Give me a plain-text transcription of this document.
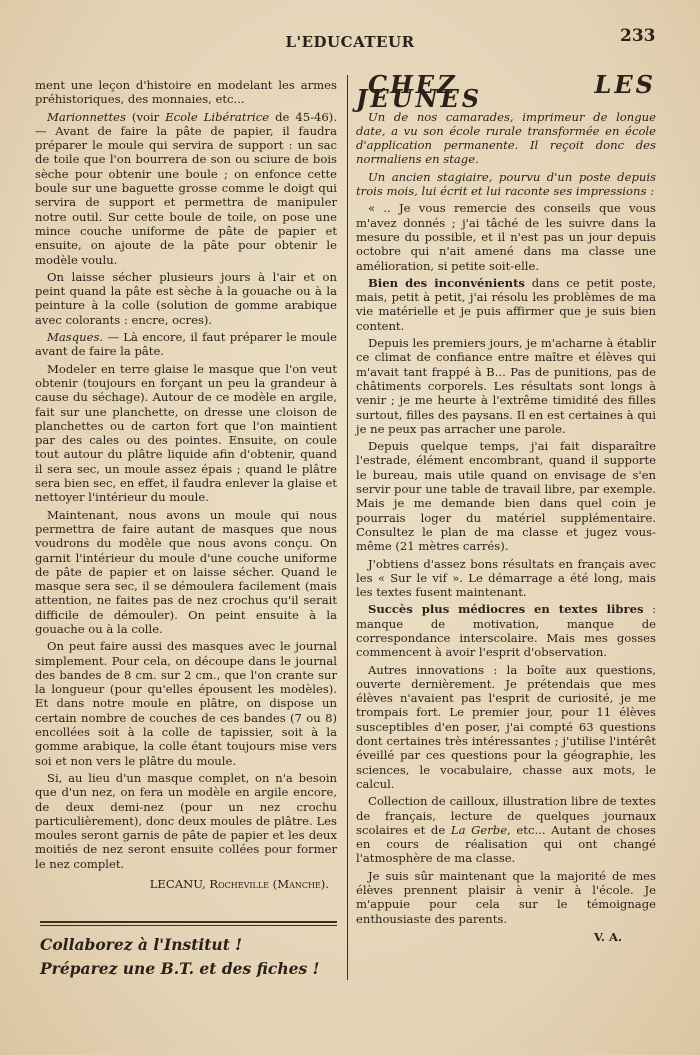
L'EDUCATEUR	233

ment une leçon d'histoire en modelant les armes préhistoriques, des monnaies, etc...

Marionnettes (voir Ecole Libératrice de 45-46). — Avant de faire la pâte de papier, il faudra préparer le moule qui servira de support : un sac de toile que l'on bourrera de son ou sciure de bois sèche pour obtenir une boule ; on enfonce cette boule sur une baguette grosse comme le doigt qui servira de support et permettra de manipuler notre outil. Sur cette boule de toile, on pose une mince couche uniforme de pâte de papier et ensuite, on ajoute de la pâte pour obtenir le modèle voulu.

On laisse sécher plusieurs jours à l'air et on peint quand la pâte est sèche à la gouache ou à la peinture à la colle (solution de gomme arabique avec colorants : encre, ocres).

Masques. — Là encore, il faut préparer le moule avant de faire la pâte.

Modeler en terre glaise le masque que l'on veut obtenir (toujours en forçant un peu la grandeur à cause du séchage). Autour de ce modèle en argile, fait sur une planchette, on dresse une cloison de planchettes ou de carton fort que l'on maintient par des cales ou des pointes. Ensuite, on coule tout autour du plâtre liquide afin d'obtenir, quand il sera sec, un moule assez épais ; quand le plâtre sera bien sec, en effet, il faudra enlever la glaise et nettoyer l'intérieur du moule.

Maintenant, nous avons un moule qui nous permettra de faire autant de masques que nous voudrons du modèle que nous avons conçu. On garnit l'intérieur du moule d'une couche uniforme de pâte de papier et on laisse sécher. Quand le masque sera sec, il se démoulera facilement (mais attention, ne faites pas de nez crochus qu'il serait difficile de démouler). On peint ensuite à la gouache ou à la colle.

On peut faire aussi des masques avec le journal simplement. Pour cela, on découpe dans le journal des bandes de 8 cm. sur 2 cm., que l'on crante sur la longueur (pour qu'elles épousent les modèles). Et dans notre moule en plâtre, on dispose un certain nombre de couches de ces bandes (7 ou 8) encollées soit à la colle de tapissier, soit à la gomme arabique, la colle étant toujours mise vers soi et non vers le plâtre du moule.

Si, au lieu d'un masque complet, on n'a besoin que d'un nez, on fera un modèle en argile encore, de deux demi-nez (pour un nez crochu particulièrement), donc deux moules de plâtre. Les moules seront garnis de pâte de papier et les deux moitiés de nez seront ensuite collées pour former le nez complet.

LECANU, Rocheville (Manche).
Collaborez à l'Institut !
Préparez une B.T. et des fiches !

CHEZ LES JEUNES

Un de nos camarades, imprimeur de longue date, a vu son école rurale transformée en école d'application permanente. Il reçoit donc des normaliens en stage.

Un ancien stagiaire, pourvu d'un poste depuis trois mois, lui écrit et lui raconte ses impressions :

« .. Je vous remercie des conseils que vous m'avez donnés ; j'ai tâché de les suivre dans la mesure du possible, et il n'est pas un jour depuis octobre qui n'ait amené dans ma classe une amélioration, si petite soit-elle.

Bien des inconvénients dans ce petit poste, mais, petit à petit, j'ai résolu les problèmes de ma vie matérielle et je puis affirmer que je suis bien content.

Depuis les premiers jours, je m'acharne à établir ce climat de confiance entre maître et élèves qui m'avait tant frappé à B... Pas de punitions, pas de châtiments corporels. Les résultats sont longs à venir ; je me heurte à l'extrême timidité des filles surtout, filles des paysans. Il en est certaines à qui je ne peux pas arracher une parole.

Depuis quelque temps, j'ai fait disparaître l'estrade, élément encombrant, quand il supporte le bureau, mais utile quand on envisage de s'en servir pour une table de travail libre, par exemple. Mais je me demande bien dans quel coin je pourrais loger du matériel supplémentaire. Consultez le plan de ma classe et jugez vous-même (21 mètres carrés).

J'obtiens d'assez bons résultats en français avec les « Sur le vif ». Le démarrage a été long, mais les textes fusent maintenant.

Succès plus médiocres en textes libres : manque de motivation, manque de correspondance interscolaire. Mais mes gosses commencent à avoir l'esprit d'observation.

Autres innovations : la boîte aux questions, ouverte dernièrement. Je prétendais que mes élèves n'avaient pas l'esprit de curiosité, je me trompais fort. Le premier jour, pour 11 élèves susceptibles d'en poser, j'ai compté 63 questions dont certaines très intéressantes ; j'utilise l'intérêt éveillé par ces questions pour la géographie, les sciences, le vocabulaire, chasse aux mots, le calcul.

Collection de cailloux, illustration libre de textes de français, lecture de quelques journaux scolaires et de La Gerbe, etc... Autant de choses en cours de réalisation qui ont changé l'atmosphère de ma classe.

Je suis sûr maintenant que la majorité de mes élèves prennent plaisir à venir à l'école. Je m'appuie pour cela sur le témoignage enthousiaste des parents.

V. A.
